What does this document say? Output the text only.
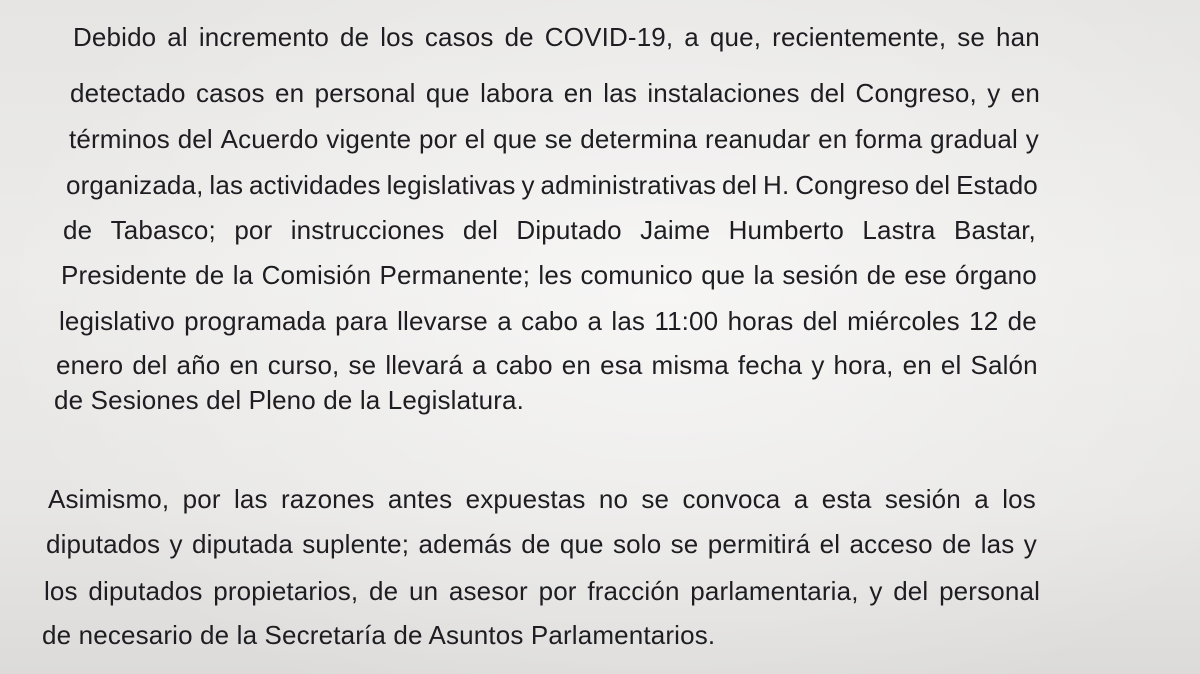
Debido al incremento de los casos de COVID-19, a que, recientemente, se han
detectado casos en personal que labora en las instalaciones del Congreso, y en
términos del Acuerdo vigente por el que se determina reanudar en forma gradual y
organizada, las actividades legislativas y administrativas del H. Congreso del Estado
de Tabasco; por instrucciones del Diputado Jaime Humberto Lastra Bastar,
Presidente de la Comisión Permanente; les comunico que la sesión de ese órgano
legislativo programada para llevarse a cabo a las 11:00 horas del miércoles 12 de
enero del año en curso, se llevará a cabo en esa misma fecha y hora, en el Salón
de Sesiones del Pleno de la Legislatura.
Asimismo, por las razones antes expuestas no se convoca a esta sesión a los
diputados y diputada suplente; además de que solo se permitirá el acceso de las y
los diputados propietarios, de un asesor por fracción parlamentaria, y del personal
de necesario de la Secretaría de Asuntos Parlamentarios.
